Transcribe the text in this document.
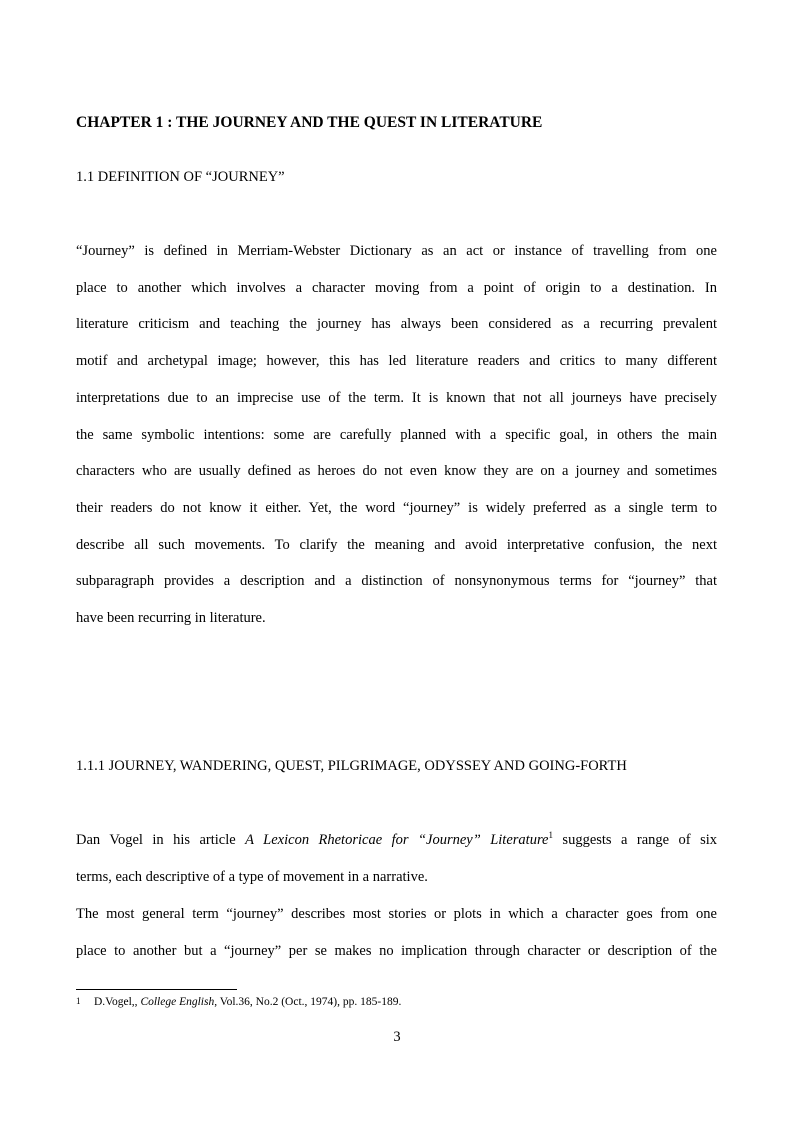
CHAPTER 1 : THE JOURNEY AND THE QUEST IN LITERATURE
1.1 DEFINITION OF “JOURNEY”
“Journey” is defined in Merriam-Webster Dictionary as an act or instance of travelling from one
place to another which involves a character moving from a point of origin to a destination. In
literature criticism and teaching the journey has always been considered as a recurring prevalent
motif and archetypal image; however, this has led literature readers and critics to many different
interpretations due to an imprecise use of the term. It is known that not all journeys have precisely
the same symbolic intentions: some are carefully planned with a specific goal, in others the main
characters who are usually defined as heroes do not even know they are on a journey and sometimes
their readers do not know it either. Yet, the word “journey” is widely preferred as a single term to
describe all such movements. To clarify the meaning and avoid interpretative confusion, the next
subparagraph provides a description and a distinction of nonsynonymous terms for “journey” that
have been recurring in literature.
1.1.1 JOURNEY, WANDERING, QUEST, PILGRIMAGE, ODYSSEY AND GOING-FORTH
Dan Vogel in his article A Lexicon Rhetoricae for “Journey” Literature$^1$ suggests a range of six
terms, each descriptive of a type of movement in a narrative.
The most general term “journey” describes most stories or plots in which a character goes from one
place to another but a “journey” per se makes no implication through character or description of the
1 D.Vogel,, College English, Vol.36, No.2 (Oct., 1974), pp. 185-189.
3
